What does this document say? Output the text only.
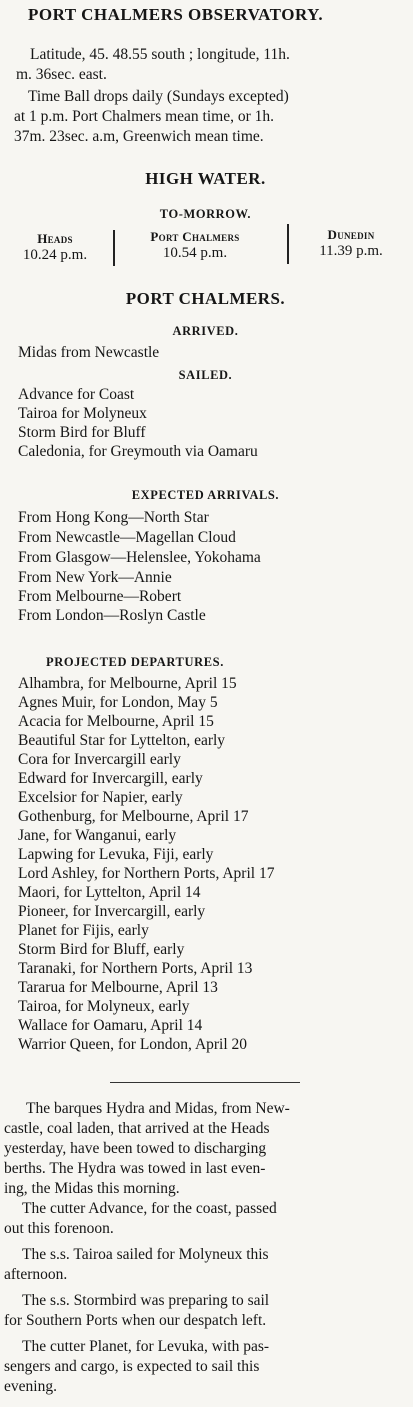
PORT CHALMERS OBSERVATORY.
Latitude, 45. 48.55 south ; longitude, 11h.
m. 36sec. east.
Time Ball drops daily (Sundays excepted)
at 1 p.m. Port Chalmers mean time, or 1h.
37m. 23sec. a.m, Greenwich mean time.
HIGH WATER.
TO-MORROW.
Heads
10.24 p.m.
Port Chalmers
10.54 p.m.
Dunedin
11.39 p.m.
PORT CHALMERS.
ARRIVED.
Midas from Newcastle
SAILED.
Advance for Coast
Tairoa for Molyneux
Storm Bird for Bluff
Caledonia, for Greymouth via Oamaru
EXPECTED ARRIVALS.
From Hong Kong—North Star
From Newcastle—Magellan Cloud
From Glasgow—Helenslee, Yokohama
From New York—Annie
From Melbourne—Robert
From London—Roslyn Castle
PROJECTED DEPARTURES.
Alhambra, for Melbourne, April 15
Agnes Muir, for London, May 5
Acacia for Melbourne, April 15
Beautiful Star for Lyttelton, early
Cora for Invercargill early
Edward for Invercargill, early
Excelsior for Napier, early
Gothenburg, for Melbourne, April 17
Jane, for Wanganui, early
Lapwing for Levuka, Fiji, early
Lord Ashley, for Northern Ports, April 17
Maori, for Lyttelton, April 14
Pioneer, for Invercargill, early
Planet for Fijis, early
Storm Bird for Bluff, early
Taranaki, for Northern Ports, April 13
Tararua for Melbourne, April 13
Tairoa, for Molyneux, early
Wallace for Oamaru, April 14
Warrior Queen, for London, April 20
The barques Hydra and Midas, from New-
castle, coal laden, that arrived at the Heads
yesterday, have been towed to discharging
berths. The Hydra was towed in last even-
ing, the Midas this morning.
The cutter Advance, for the coast, passed
out this forenoon.
The s.s. Tairoa sailed for Molyneux this
afternoon.
The s.s. Stormbird was preparing to sail
for Southern Ports when our despatch left.
The cutter Planet, for Levuka, with pas-
sengers and cargo, is expected to sail this
evening.
